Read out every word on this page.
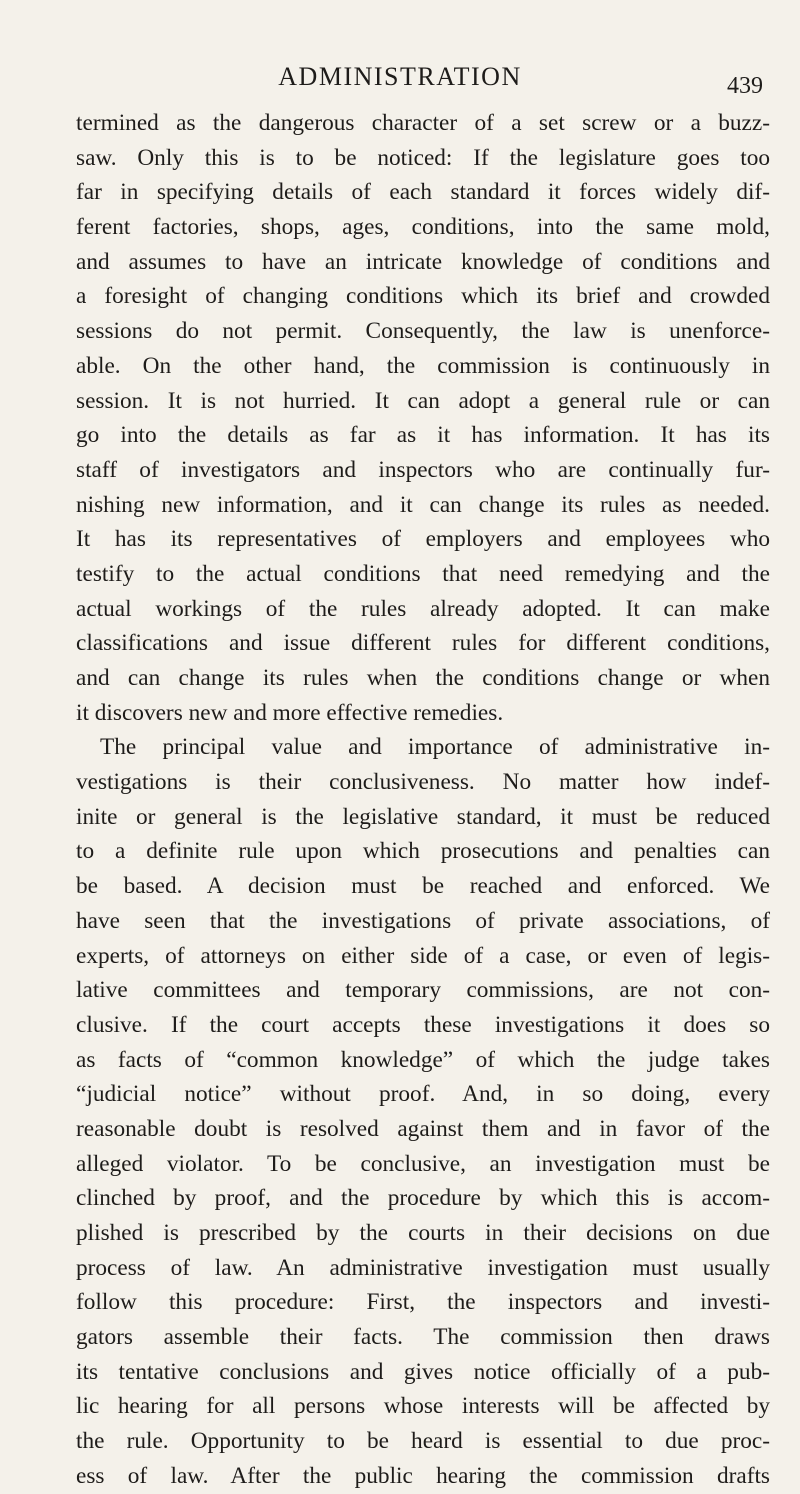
ADMINISTRATION	439
termined as the dangerous character of a set screw or a buzz-
saw. Only this is to be noticed: If the legislature goes too
far in specifying details of each standard it forces widely dif-
ferent factories, shops, ages, conditions, into the same mold,
and assumes to have an intricate knowledge of conditions and
a foresight of changing conditions which its brief and crowded
sessions do not permit. Consequently, the law is unenforce-
able. On the other hand, the commission is continuously in
session. It is not hurried. It can adopt a general rule or can
go into the details as far as it has information. It has its
staff of investigators and inspectors who are continually fur-
nishing new information, and it can change its rules as needed.
It has its representatives of employers and employees who
testify to the actual conditions that need remedying and the
actual workings of the rules already adopted. It can make
classifications and issue different rules for different conditions,
and can change its rules when the conditions change or when
it discovers new and more effective remedies.
The principal value and importance of administrative in-
vestigations is their conclusiveness. No matter how indef-
inite or general is the legislative standard, it must be reduced
to a definite rule upon which prosecutions and penalties can
be based. A decision must be reached and enforced. We
have seen that the investigations of private associations, of
experts, of attorneys on either side of a case, or even of legis-
lative committees and temporary commissions, are not con-
clusive. If the court accepts these investigations it does so
as facts of “common knowledge” of which the judge takes
“judicial notice” without proof. And, in so doing, every
reasonable doubt is resolved against them and in favor of the
alleged violator. To be conclusive, an investigation must be
clinched by proof, and the procedure by which this is accom-
plished is prescribed by the courts in their decisions on due
process of law. An administrative investigation must usually
follow this procedure: First, the inspectors and investi-
gators assemble their facts. The commission then draws
its tentative conclusions and gives notice officially of a pub-
lic hearing for all persons whose interests will be affected by
the rule. Opportunity to be heard is essential to due proc-
ess of law. After the public hearing the commission drafts
